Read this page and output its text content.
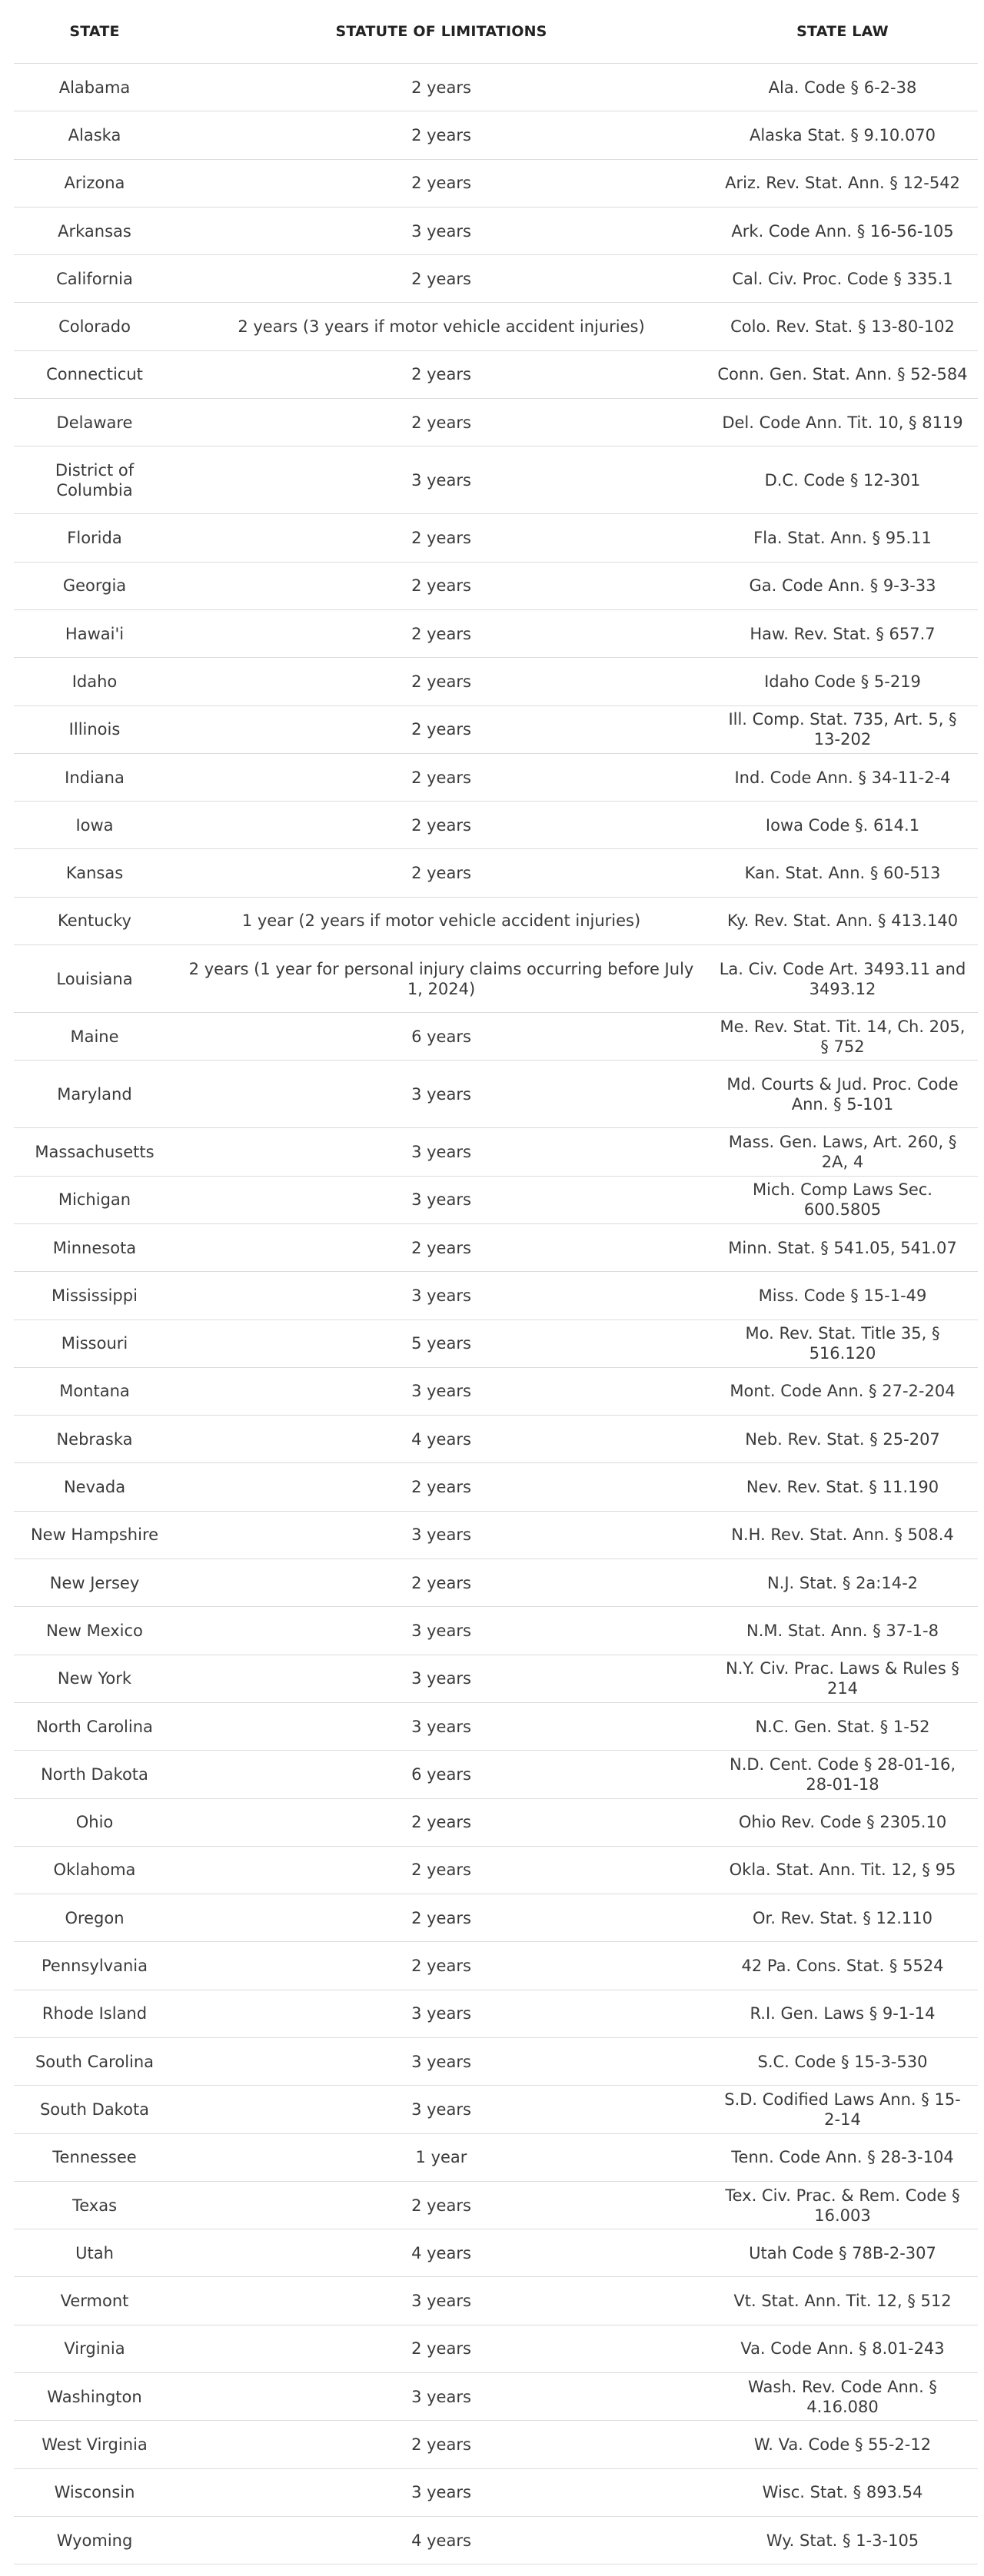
STATE	STATUTE OF LIMITATIONS	STATE LAW
Alabama	2 years	Ala. Code § 6-2-38
Alaska	2 years	Alaska Stat. § 9.10.070
Arizona	2 years	Ariz. Rev. Stat. Ann. § 12-542
Arkansas	3 years	Ark. Code Ann. § 16-56-105
California	2 years	Cal. Civ. Proc. Code § 335.1
Colorado	2 years (3 years if motor vehicle accident injuries)	Colo. Rev. Stat. § 13-80-102
Connecticut	2 years	Conn. Gen. Stat. Ann. § 52-584
Delaware	2 years	Del. Code Ann. Tit. 10, § 8119
District of Columbia	3 years	D.C. Code § 12-301
Florida	2 years	Fla. Stat. Ann. § 95.11
Georgia	2 years	Ga. Code Ann. § 9-3-33
Hawai'i	2 years	Haw. Rev. Stat. § 657.7
Idaho	2 years	Idaho Code § 5-219
Illinois	2 years	Ill. Comp. Stat. 735, Art. 5, § 13-202
Indiana	2 years	Ind. Code Ann. § 34-11-2-4
Iowa	2 years	Iowa Code §. 614.1
Kansas	2 years	Kan. Stat. Ann. § 60-513
Kentucky	1 year (2 years if motor vehicle accident injuries)	Ky. Rev. Stat. Ann. § 413.140
Louisiana	2 years (1 year for personal injury claims occurring before July 1, 2024)	La. Civ. Code Art. 3493.11 and 3493.12
Maine	6 years	Me. Rev. Stat. Tit. 14, Ch. 205, § 752
Maryland	3 years	Md. Courts & Jud. Proc. Code Ann. § 5-101
Massachusetts	3 years	Mass. Gen. Laws, Art. 260, § 2A, 4
Michigan	3 years	Mich. Comp Laws Sec. 600.5805
Minnesota	2 years	Minn. Stat. § 541.05, 541.07
Mississippi	3 years	Miss. Code § 15-1-49
Missouri	5 years	Mo. Rev. Stat. Title 35, § 516.120
Montana	3 years	Mont. Code Ann. § 27-2-204
Nebraska	4 years	Neb. Rev. Stat. § 25-207
Nevada	2 years	Nev. Rev. Stat. § 11.190
New Hampshire	3 years	N.H. Rev. Stat. Ann. § 508.4
New Jersey	2 years	N.J. Stat. § 2a:14-2
New Mexico	3 years	N.M. Stat. Ann. § 37-1-8
New York	3 years	N.Y. Civ. Prac. Laws & Rules § 214
North Carolina	3 years	N.C. Gen. Stat. § 1-52
North Dakota	6 years	N.D. Cent. Code § 28-01-16, 28-01-18
Ohio	2 years	Ohio Rev. Code § 2305.10
Oklahoma	2 years	Okla. Stat. Ann. Tit. 12, § 95
Oregon	2 years	Or. Rev. Stat. § 12.110
Pennsylvania	2 years	42 Pa. Cons. Stat. § 5524
Rhode Island	3 years	R.I. Gen. Laws § 9-1-14
South Carolina	3 years	S.C. Code § 15-3-530
South Dakota	3 years	S.D. Codified Laws Ann. § 15-2-14
Tennessee	1 year	Tenn. Code Ann. § 28-3-104
Texas	2 years	Tex. Civ. Prac. & Rem. Code § 16.003
Utah	4 years	Utah Code § 78B-2-307
Vermont	3 years	Vt. Stat. Ann. Tit. 12, § 512
Virginia	2 years	Va. Code Ann. § 8.01-243
Washington	3 years	Wash. Rev. Code Ann. § 4.16.080
West Virginia	2 years	W. Va. Code § 55-2-12
Wisconsin	3 years	Wisc. Stat. § 893.54
Wyoming	4 years	Wy. Stat. § 1-3-105
